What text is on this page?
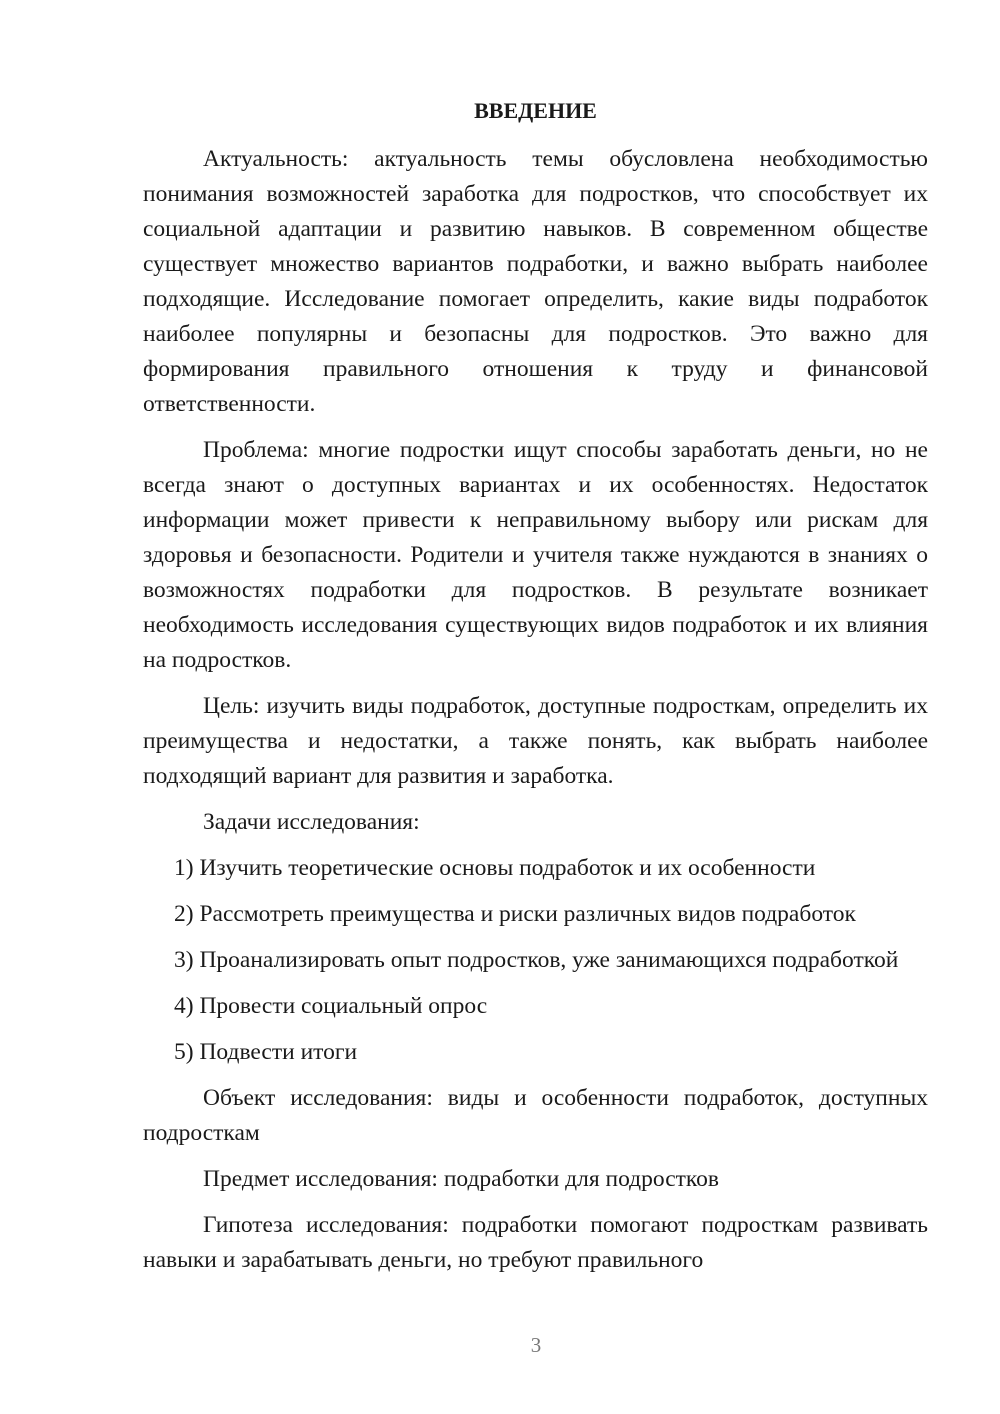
ВВЕДЕНИЕ

Актуальность: актуальность темы обусловлена необходимостью понимания возможностей заработка для подростков, что способствует их социальной адаптации и развитию навыков. В современном обществе существует множество вариантов подработки, и важно выбрать наиболее подходящие. Исследование помогает определить, какие виды подработок наиболее популярны и безопасны для подростков. Это важно для формирования правильного отношения к труду и финансовой ответственности.

Проблема: многие подростки ищут способы заработать деньги, но не всегда знают о доступных вариантах и их особенностях. Недостаток информации может привести к неправильному выбору или рискам для здоровья и безопасности. Родители и учителя также нуждаются в знаниях о возможностях подработки для подростков. В результате возникает необходимость исследования существующих видов подработок и их влияния на подростков.

Цель: изучить виды подработок, доступные подросткам, определить их преимущества и недостатки, а также понять, как выбрать наиболее подходящий вариант для развития и заработка.

Задачи исследования:

1) Изучить теоретические основы подработок и их особенности

2) Рассмотреть преимущества и риски различных видов подработок

3) Проанализировать опыт подростков, уже занимающихся подработкой

4) Провести социальный опрос

5) Подвести итоги

Объект исследования: виды и особенности подработок, доступных подросткам

Предмет исследования: подработки для подростков

Гипотеза исследования: подработки помогают подросткам развивать навыки и зарабатывать деньги, но требуют правильного

3
